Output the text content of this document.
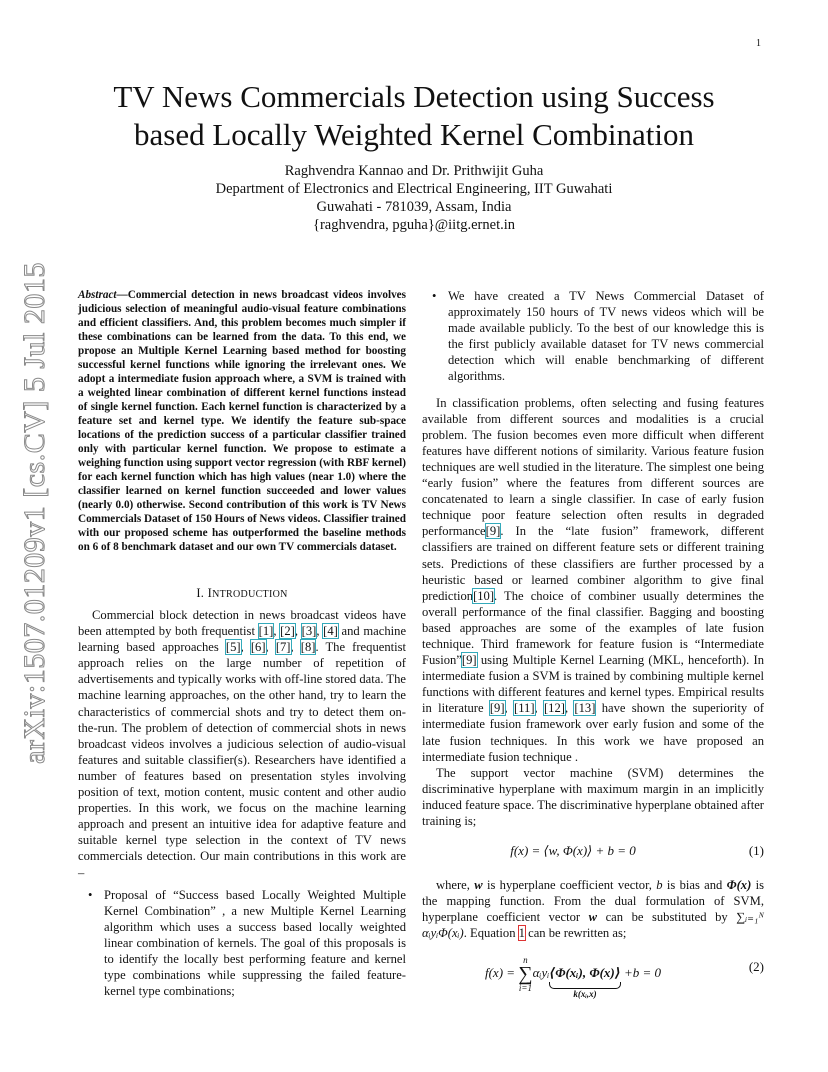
1
arXiv:1507.01209v1 [cs.CV] 5 Jul 2015
TV News Commercials Detection using Success
based Locally Weighted Kernel Combination
Raghvendra Kannao and Dr. Prithwijit Guha
Department of Electronics and Electrical Engineering, IIT Guwahati
Guwahati - 781039, Assam, India
{raghvendra, pguha}@iitg.ernet.in

Abstract—Commercial detection in news broadcast videos involves judicious selection of meaningful audio-visual feature combinations and efficient classifiers. And, this problem becomes much simpler if these combinations can be learned from the data. To this end, we propose an Multiple Kernel Learning based method for boosting successful kernel functions while ignoring the irrelevant ones. We adopt a intermediate fusion approach where, a SVM is trained with a weighted linear combination of different kernel functions instead of single kernel function. Each kernel function is characterized by a feature set and kernel type. We identify the feature sub-space locations of the prediction success of a particular classifier trained only with particular kernel function. We propose to estimate a weighing function using support vector regression (with RBF kernel) for each kernel function which has high values (near 1.0) where the classifier learned on kernel function succeeded and lower values (nearly 0.0) otherwise. Second contribution of this work is TV News Commercials Dataset of 150 Hours of News videos. Classifier trained with our proposed scheme has outperformed the baseline methods on 6 of 8 benchmark dataset and our own TV commercials dataset.

I. INTRODUCTION

Commercial block detection in news broadcast videos have been attempted by both frequentist [1], [2], [3], [4] and machine learning based approaches [5], [6], [7], [8]. The frequentist approach relies on the large number of repetition of advertisements and typically works with off-line stored data. The machine learning approaches, on the other hand, try to learn the characteristics of commercial shots and try to detect them on-the-run. The problem of detection of commercial shots in news broadcast videos involves a judicious selection of audio-visual features and suitable classifier(s). Researchers have identified a number of features based on presentation styles involving position of text, motion content, music content and other audio properties. In this work, we focus on the machine learning approach and present an intuitive idea for adaptive feature and suitable kernel type selection in the context of TV news commercials detection. Our main contributions in this work are –

• Proposal of “Success based Locally Weighted Multiple Kernel Combination” , a new Multiple Kernel Learning algorithm which uses a success based locally weighted linear combination of kernels. The goal of this proposals is to identify the locally best performing feature and kernel type combinations while suppressing the failed feature-kernel type combinations;
• We have created a TV News Commercial Dataset of approximately 150 hours of TV news videos which will be made available publicly. To the best of our knowledge this is the first publicly available dataset for TV news commercial detection which will enable benchmarking of different algorithms.

In classification problems, often selecting and fusing features available from different sources and modalities is a crucial problem. The fusion becomes even more difficult when different features have different notions of similarity. Various feature fusion techniques are well studied in the literature. The simplest one being “early fusion” where the features from different sources are concatenated to learn a single classifier. In case of early fusion technique poor feature selection often results in degraded performance[9]. In the “late fusion” framework, different classifiers are trained on different feature sets or different training sets. Predictions of these classifiers are further processed by a heuristic based or learned combiner algorithm to give final prediction[10]. The choice of combiner usually determines the overall performance of the final classifier. Bagging and boosting based approaches are some of the examples of late fusion technique. Third framework for feature fusion is “Intermediate Fusion”[9] using Multiple Kernel Learning (MKL, henceforth). In intermediate fusion a SVM is trained by combining multiple kernel functions with different features and kernel types. Empirical results in literature [9], [11], [12], [13] have shown the superiority of intermediate fusion framework over early fusion and some of the late fusion techniques. In this work we have proposed an intermediate fusion technique .

The support vector machine (SVM) determines the discriminative hyperplane with maximum margin in an implicitly induced feature space. The discriminative hyperplane obtained after training is;

f(x) = ⟨w, Φ(x)⟩ + b = 0	(1)

where, w is hyperplane coefficient vector, b is bias and Φ(x) is the mapping function. From the dual formulation of SVM, hyperplane coefficient vector w can be substituted by ∑ᵢ₌₁ᴺ αᵢyᵢΦ(xᵢ). Equation 1 can be rewritten as;

f(x) =
n
∑
i=1
αᵢyᵢ⟨Φ(xᵢ), Φ(x)⟩
k(xᵢ,x)
+b = 0	(2)
